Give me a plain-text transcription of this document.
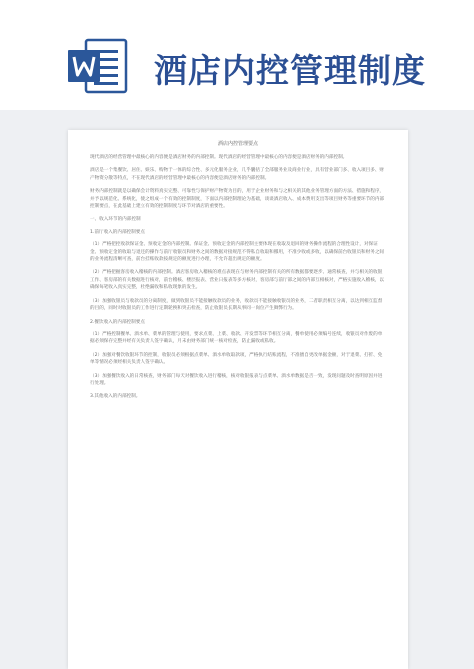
酒店内控管理制度
酒店内控管理要点

现代酒店的经营管理中最核心的内容便是酒店财务的内部控制。现代酒店的经营管理中最核心的内容便是酒店财务的内部控制。

酒店是一个集餐饮、居住、娱乐、购物于一体的综合性、多元化服务企业，几乎囊括了全部服务业及商业行业，具有营业部门多、收入项目多、财产物资分散等特点，不在现代酒店的经营管理中最核心的内容便是酒店财务的内部控制。

财务内部控制就是以确保会计资料真实完整、可靠性与保护财产物资为目的，用于企业财务和与之相关的其他业务管理方面的方法、措施和程序，并予以规范化、系统化，使之组成一个有效的控制制度，下面以内部控制理论为基础，谈谈酒店收入、成本费用支出等项目财务等重要环节的内部控制要点，在此基础上建立有效的控制制度与环节对酒店的重要性。

一、收入环节的内部控制

1.前厅收入的内部控制要点

（1）严格把控收款保证金、预收定金的内部控制。保证金、预收定金的内部控制主要体现在收取及退回的财务操作流程的合理性设计，对保证金、预收定金的收取与退还的操作与前厅收银员和财务之间的数据对接规范不得私自收取和挪用，不准少收或多收，以确保前台收银员和财务之间的业务流程清晰可查，前台挂账收款按规定的额度进行办理，不允许超出规定的额度。

（2）严格把握客房收入稽核的内部控制。酒店客房收入稽核的难点表现在与财务内部控制有关的所有数据都要逐步、通常核查，并与相关的收银工作、客房部的有关数据进行核对，前台稽核、楼层报表、营业日报表等多方核对，客房部与前厅部之间的内部互相核对，严格实施收入稽核，以确保每笔收入真实完整，杜绝漏收和私收现象的发生。

（3）加强收银员与收款员的分离制度，做到收银员不能接触收款员的业务，收款员不能接触收银员的业务，二者职责相互分离，以达到相互监督的目的，同时对收银员的工作进行定期轮换和突击检查，防止收银员长期从事同一岗位产生舞弊行为。

2.餐饮收入的内部控制要点

（1）严格控制餐单、酒水单、菜单的管理与使用，要求点菜、上菜、收款、开发票等环节相互分离，餐单使用必须编号连续，收银员对作废的单据必须保存完整并经有关负责人签字确认，月末由财务部门统一核对检查，防止漏收或私收。

（2）加强对餐饮收银环节的控制，收银员必须根据点菜单、酒水单收取款项，严格执行结账流程，不准擅自更改单据金额，对于退菜、打折、免单等情况必须经相关负责人签字确认。

（3）加强餐饮收入的日常核查，财务部门每天对餐饮收入进行稽核，核对收银报表与点菜单、酒水单数据是否一致，发现问题及时查明原因并进行处理。

3.其他收入的内部控制。
